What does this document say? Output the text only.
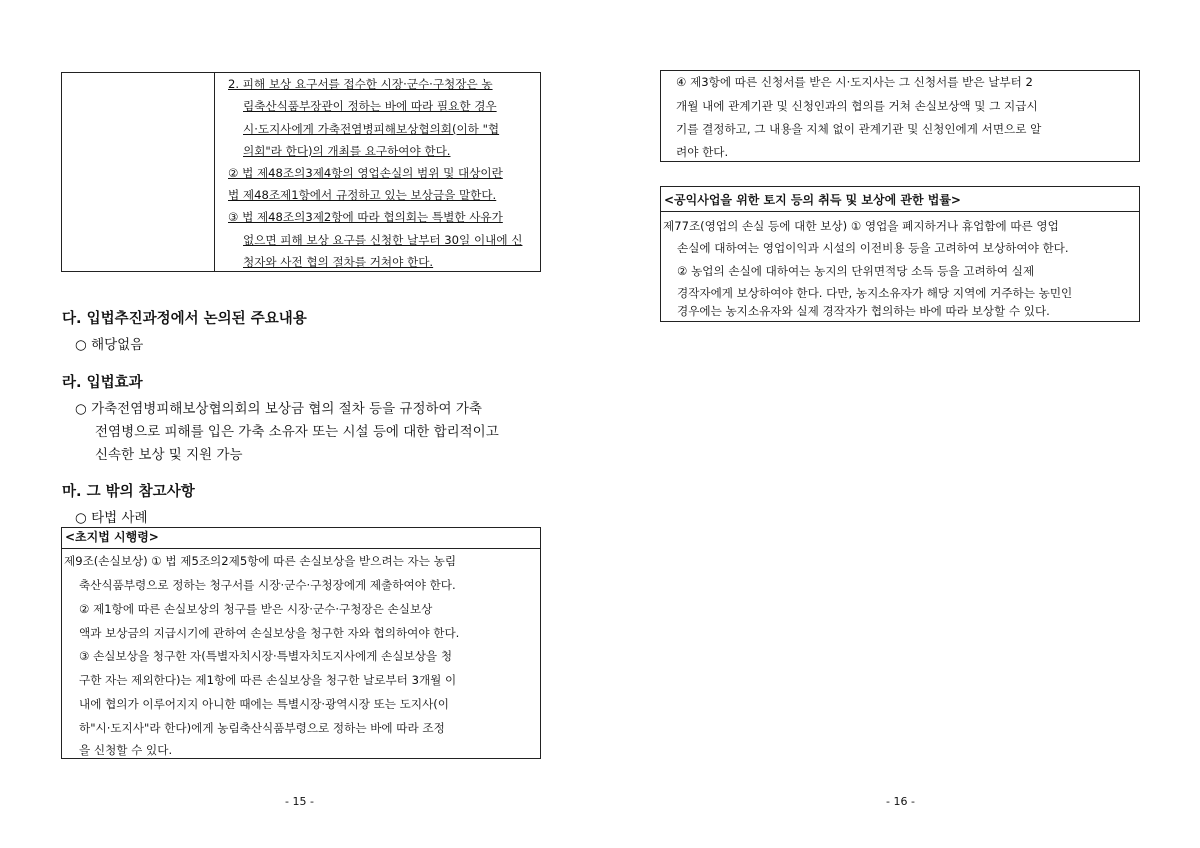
2. 피해 보상 요구서를 접수한 시장·군수·구청장은 농
림축산식품부장관이 정하는 바에 따라 필요한 경우
시·도지사에게 가축전염병피해보상협의회(이하 "협
의회"라 한다)의 개최를 요구하여야 한다.
② 법 제48조의3제4항의 영업손실의 범위 및 대상이란
법 제48조제1항에서 규정하고 있는 보상금을 말한다.
③ 법 제48조의3제2항에 따라 협의회는 특별한 사유가
없으면 피해 보상 요구를 신청한 날부터 30일 이내에 신
청자와 사전 협의 절차를 거쳐야 한다.
다. 입법추진과정에서 논의된 주요내용
○ 해당없음
라. 입법효과
○ 가축전염병피해보상협의회의 보상금 협의 절차 등을 규정하여 가축
전염병으로 피해를 입은 가축 소유자 또는 시설 등에 대한 합리적이고
신속한 보상 및 지원 가능
마. 그 밖의 참고사항
○ 타법 사례
<초지법 시행령>
제9조(손실보상) ① 법 제5조의2제5항에 따른 손실보상을 받으려는 자는 농림
축산식품부령으로 정하는 청구서를 시장·군수·구청장에게 제출하여야 한다.
② 제1항에 따른 손실보상의 청구를 받은 시장·군수·구청장은 손실보상
액과 보상금의 지급시기에 관하여 손실보상을 청구한 자와 협의하여야 한다.
③ 손실보상을 청구한 자(특별자치시장·특별자치도지사에게 손실보상을 청
구한 자는 제외한다)는 제1항에 따른 손실보상을 청구한 날로부터 3개월 이
내에 협의가 이루어지지 아니한 때에는 특별시장·광역시장 또는 도지사(이
하"시·도지사"라 한다)에게 농림축산식품부령으로 정하는 바에 따라 조정
을 신청할 수 있다.
- 15 -
④ 제3항에 따른 신청서를 받은 시·도지사는 그 신청서를 받은 날부터 2
개월 내에 관계기관 및 신청인과의 협의를 거쳐 손실보상액 및 그 지급시
기를 결정하고, 그 내용을 지체 없이 관계기관 및 신청인에게 서면으로 알
려야 한다.
<공익사업을 위한 토지 등의 취득 및 보상에 관한 법률>
제77조(영업의 손실 등에 대한 보상) ① 영업을 폐지하거나 휴업함에 따른 영업
손실에 대하여는 영업이익과 시설의 이전비용 등을 고려하여 보상하여야 한다.
② 농업의 손실에 대하여는 농지의 단위면적당 소득 등을 고려하여 실제
경작자에게 보상하여야 한다. 다만, 농지소유자가 해당 지역에 거주하는 농민인
경우에는 농지소유자와 실제 경작자가 협의하는 바에 따라 보상할 수 있다.
- 16 -
